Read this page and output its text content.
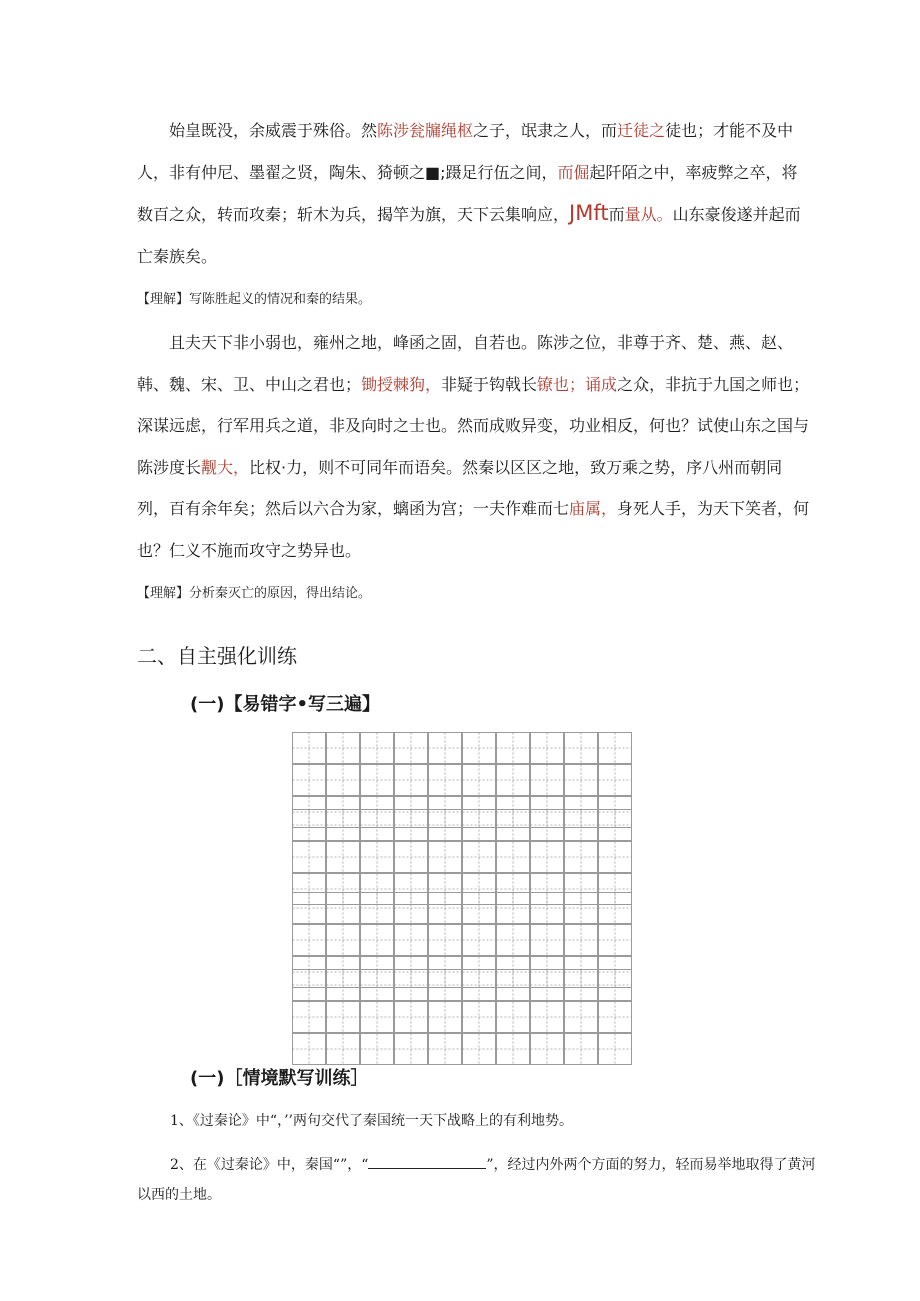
始皇既没，余威震于殊俗。然陈涉瓮牖绳枢之子，氓隶之人，而迁徒之徒也；才能不及中人，非有仲尼、墨翟之贤，陶朱、猗顿之■;蹑足行伍之间，而倔起阡陌之中，率疲弊之卒，将数百之众，转而攻秦；斩木为兵，揭竿为旗，天下云集响应，JMft而量从。山东豪俊遂并起而亡秦族矣。

【理解】写陈胜起义的情况和秦的结果。

且夫天下非小弱也，雍州之地，峰函之固，自若也。陈涉之位，非尊于齐、楚、燕、赵、韩、魏、宋、卫、中山之君也；锄授棘狗，非疑于钩戟长镣也；诵成之众，非抗于九国之师也；深谋远虑，行军用兵之道，非及向时之士也。然而成败异变，功业相反，何也？试使山东之国与陈涉度长觏大，比权·力，则不可同年而语矣。然秦以区区之地，致万乘之势，序八州而朝同列，百有余年矣；然后以六合为家，螭函为宫；一夫作难而七庙属，身死人手，为天下笑者，何也？仁义不施而攻守之势异也。

【理解】分析秦灭亡的原因，得出结论。

二、自主强化训练
(一)【易错字•写三遍】
(一)［情境默写训练］

1、《过秦论》中“，’’两句交代了秦国统一天下战略上的有利地势。

2、在《过秦论》中，秦国“”，“	”，经过内外两个方面的努力，轻而易举地取得了黄河以西的土地。
